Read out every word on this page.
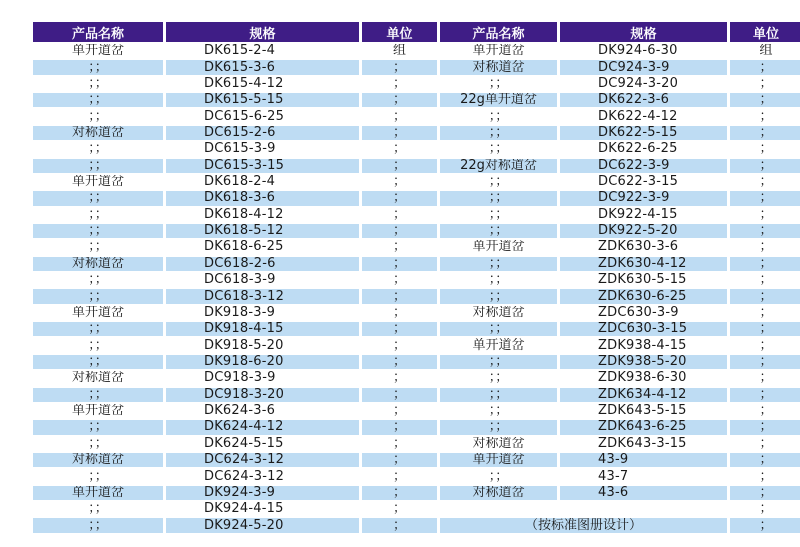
产品名称	规格	单位	产品名称	规格	单位
单开道岔	DK615-2-4	组	单开道岔	DK924-6-30	组
；；	DK615-3-6	；	对称道岔	DC924-3-9	；
；；	DK615-4-12	；	；；	DC924-3-20	；
；；	DK615-5-15	；	22g单开道岔	DK622-3-6	；
；；	DC615-6-25	；	；；	DK622-4-12	；
对称道岔	DC615-2-6	；	；；	DK622-5-15	；
；；	DC615-3-9	；	；；	DK622-6-25	；
；；	DC615-3-15	；	22g对称道岔	DC622-3-9	；
单开道岔	DK618-2-4	；	；；	DC622-3-15	；
；；	DK618-3-6	；	；；	DC922-3-9	；
；；	DK618-4-12	；	；；	DK922-4-15	；
；；	DK618-5-12	；	；；	DK922-5-20	；
；；	DK618-6-25	；	单开道岔	ZDK630-3-6	；
对称道岔	DC618-2-6	；	；；	ZDK630-4-12	；
；；	DC618-3-9	；	；；	ZDK630-5-15	；
；；	DC618-3-12	；	；；	ZDK630-6-25	；
单开道岔	DK918-3-9	；	对称道岔	ZDC630-3-9	；
；；	DK918-4-15	；	；；	ZDC630-3-15	；
；；	DK918-5-20	；	单开道岔	ZDK938-4-15	；
；；	DK918-6-20	；	；；	ZDK938-5-20	；
对称道岔	DC918-3-9	；	；；	ZDK938-6-30	；
；；	DC918-3-20	；	；；	ZDK634-4-12	；
单开道岔	DK624-3-6	；	；；	ZDK643-5-15	；
；；	DK624-4-12	；	；；	ZDK643-6-25	；
；；	DK624-5-15	；	对称道岔	ZDK643-3-15	；
对称道岔	DC624-3-12	；	单开道岔	43-9	；
；；	DC624-3-12	；	；；	43-7	；
单开道岔	DK924-3-9	；	对称道岔	43-6	；
；；	DK924-4-15	；			；
；；	DK924-5-20	；	（按标准图册设计）		；
